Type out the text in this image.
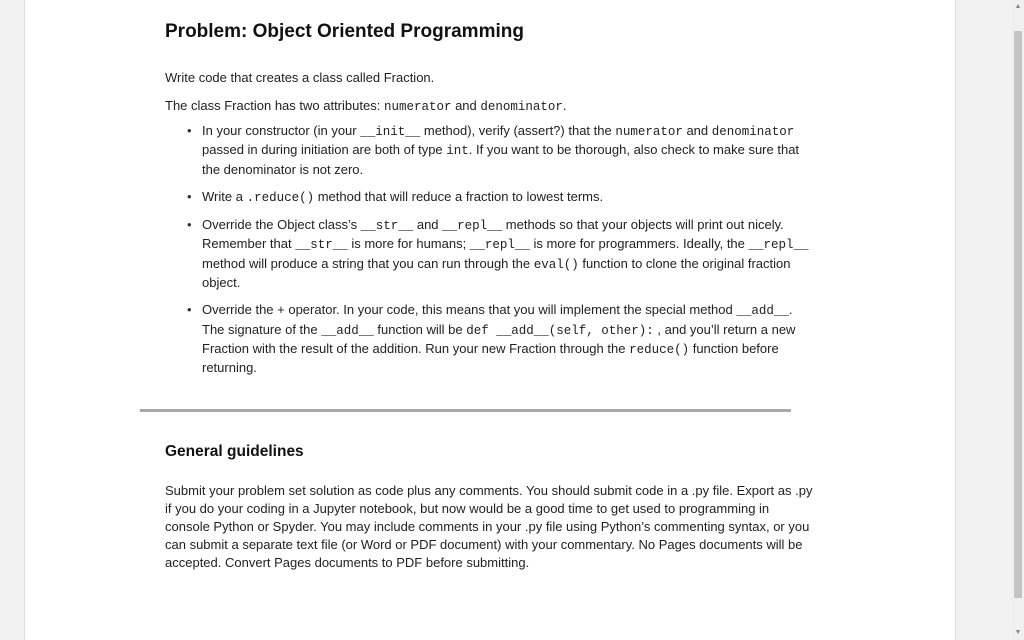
Problem: Object Oriented Programming

Write code that creates a class called Fraction.

The class Fraction has two attributes: numerator and denominator.

• In your constructor (in your __init__ method), verify (assert?) that the numerator and denominator passed in during initiation are both of type int. If you want to be thorough, also check to make sure that the denominator is not zero.
• Write a .reduce() method that will reduce a fraction to lowest terms.
• Override the Object class’s __str__ and __repl__ methods so that your objects will print out nicely. Remember that __str__ is more for humans; __repl__ is more for programmers. Ideally, the __repl__ method will produce a string that you can run through the eval() function to clone the original fraction object.
• Override the + operator. In your code, this means that you will implement the special method __add__. The signature of the __add__ function will be def __add__(self, other): , and you’ll return a new Fraction with the result of the addition. Run your new Fraction through the reduce() function before returning.
General guidelines

Submit your problem set solution as code plus any comments. You should submit code in a .py file. Export as .py if you do your coding in a Jupyter notebook, but now would be a good time to get used to programming in console Python or Spyder. You may include comments in your .py file using Python’s commenting syntax, or you can submit a separate text file (or Word or PDF document) with your commentary. No Pages documents will be accepted. Convert Pages documents to PDF before submitting.

▲
▼
